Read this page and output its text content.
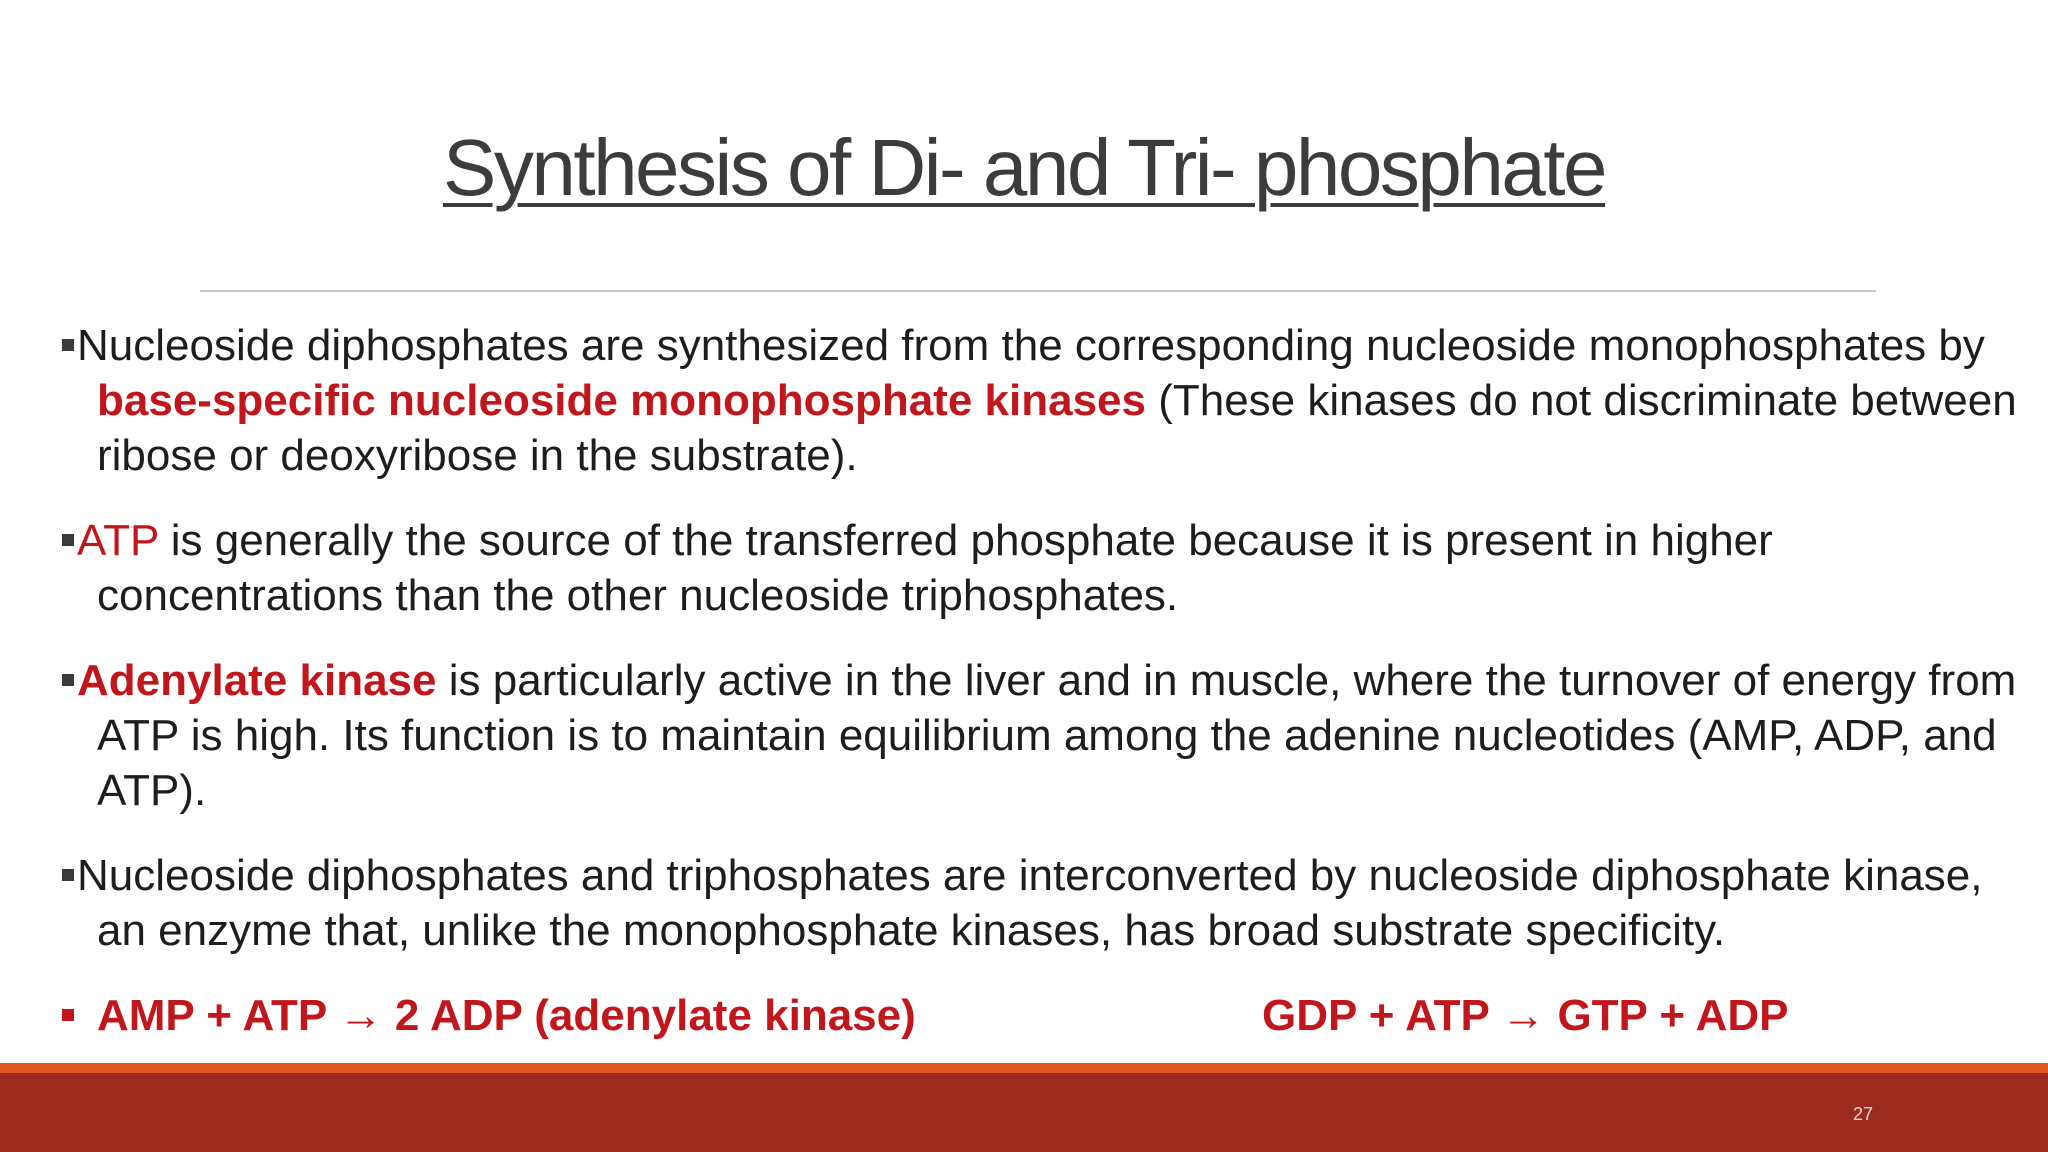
Synthesis of Di- and Tri- phosphate
Nucleoside diphosphates are synthesized from the corresponding nucleoside monophosphates by base-specific nucleoside monophosphate kinases (These kinases do not discriminate between ribose or deoxyribose in the substrate).
ATP is generally the source of the transferred phosphate because it is present in higher concentrations than the other nucleoside triphosphates.
Adenylate kinase is particularly active in the liver and in muscle, where the turnover of energy from ATP is high. Its function is to maintain equilibrium among the adenine nucleotides (AMP, ADP, and ATP).
Nucleoside diphosphates and triphosphates are interconverted by nucleoside diphosphate kinase, an enzyme that, unlike the monophosphate kinases, has broad substrate specificity.
AMP + ATP → 2 ADP (adenylate kinase)	GDP + ATP → GTP + ADP
27
